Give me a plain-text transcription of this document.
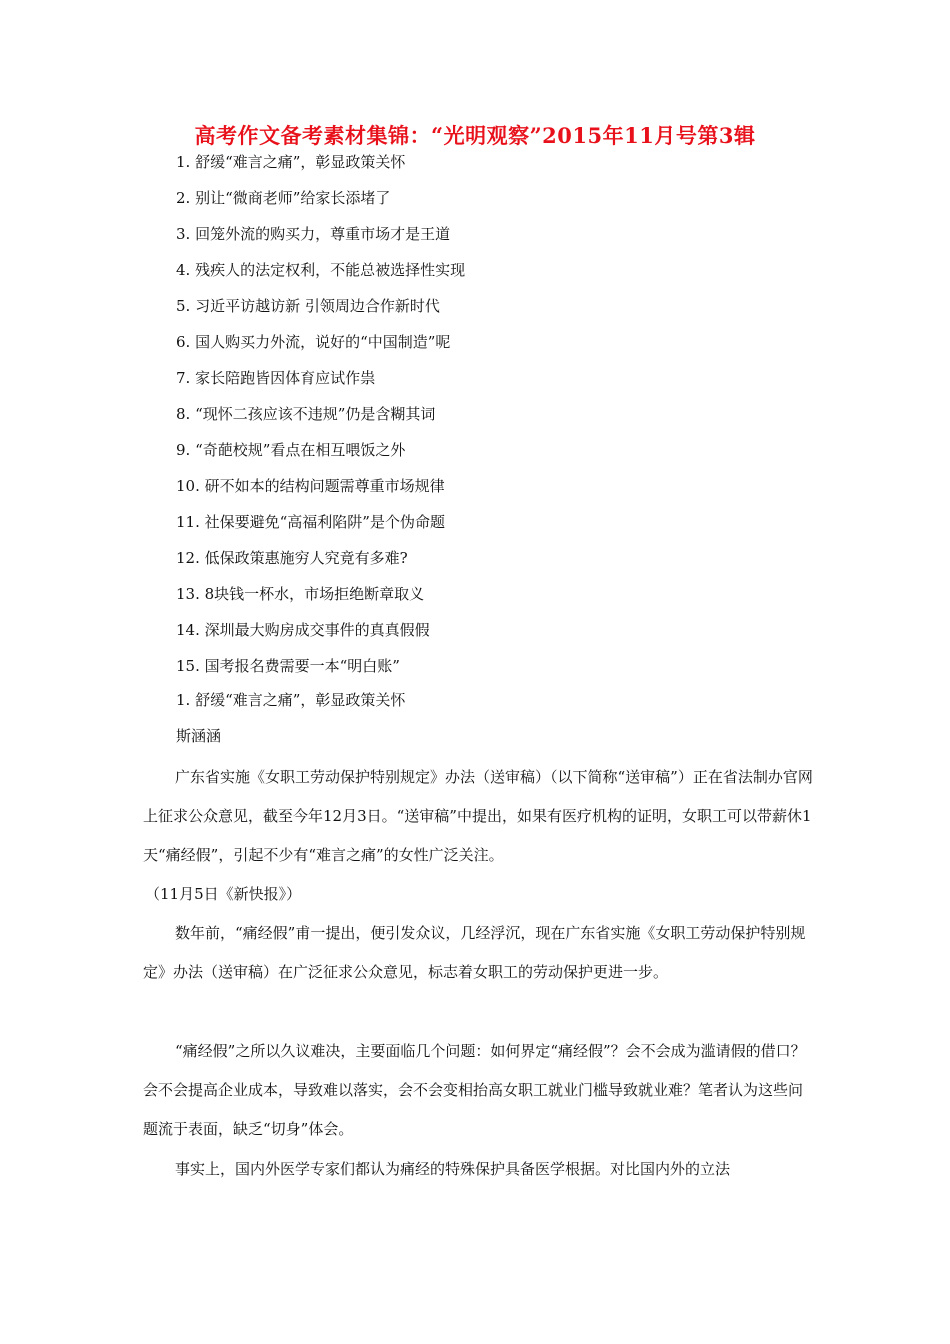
高考作文备考素材集锦：“光明观察”2015年11月号第3辑
1. 舒缓“难言之痛”，彰显政策关怀
2. 别让“微商老师”给家长添堵了
3. 回笼外流的购买力，尊重市场才是王道
4. 残疾人的法定权利，不能总被选择性实现
5. 习近平访越访新 引领周边合作新时代
6. 国人购买力外流，说好的“中国制造”呢
7. 家长陪跑皆因体育应试作祟
8. “现怀二孩应该不违规”仍是含糊其词
9. “奇葩校规”看点在相互喂饭之外
10. 研不如本的结构问题需尊重市场规律
11. 社保要避免“高福利陷阱”是个伪命题
12. 低保政策惠施穷人究竟有多难?
13. 8块钱一杯水，市场拒绝断章取义
14. 深圳最大购房成交事件的真真假假
15. 国考报名费需要一本“明白账”
1. 舒缓“难言之痛”，彰显政策关怀
斯涵涵

广东省实施《女职工劳动保护特别规定》办法（送审稿）（以下简称“送审稿”）正在省法制办官网上征求公众意见，截至今年12月3日。“送审稿”中提出，如果有医疗机构的证明，女职工可以带薪休1天“痛经假”，引起不少有“难言之痛”的女性广泛关注。

（11月5日《新快报》）

数年前，“痛经假”甫一提出，便引发众议，几经浮沉，现在广东省实施《女职工劳动保护特别规定》办法（送审稿）在广泛征求公众意见，标志着女职工的劳动保护更进一步。

“痛经假”之所以久议难决，主要面临几个问题：如何界定“痛经假”？会不会成为滥请假的借口？会不会提高企业成本，导致难以落实，会不会变相抬高女职工就业门槛导致就业难？笔者认为这些问题流于表面，缺乏“切身”体会。

事实上，国内外医学专家们都认为痛经的特殊保护具备医学根据。对比国内外的立法
